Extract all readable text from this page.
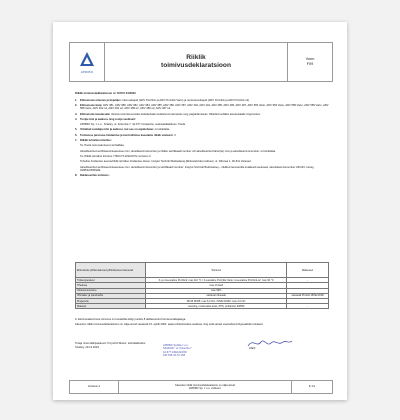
APRIBO
Riiklik
toimivusdeklaratsioon
Vorm
F09

Riiklik toimivusdeklaratsioon nr: KOVU-01/2023

1.	Ehitustoote nimetus ja kirjeldus: tulemuskapid (ARV ProClick ja ARV ProClick Vario) ja remissioonikapid (ARV ProClick ja ARV ProClick o2)
2.	Ehitustoote tüüp: ARV 381, ARV 388, ARV 382, ARV 384, ARV 385, ARV 386, ARV 387, ARV 402, ARV 404, ARV 485, ARV 486, ARV 487, ARV 582 Vario, ARV 584 Vario, ARV 585 Vario, ARV 586 Vario, ARV 588 Vario, ARV 402 o2, ARV 404 o2, ARV 485 o2, ARV 486 o2, ARV 487 o2.
3.	Ehitustoote kasutusala: tööstus-tootmisruumides küttekehade isolatsiooni katmiseks ning paigaldamiseks. Mõeldud sobilike kasutusalade tingimustes.
4.	Tootja nimi ja aadress ning tootja veebisait:
APRIBO Sp. z o.o., Szafary, ul. Kolumba 7, 42-677 Czekanów, veebisaidiaddress: Poola.
5.	Volitatud esindaja nimi ja aadress, kui see on asjakohane: ei kohaldata.
6.	Toimivuse püsivuse hindamise ja kontrollimise kasutatav riiklik süsteem: 3
7.	Riiklik tehniline kinnitus:

Ta. Poola tunnustamisel ei kohaldata.

Akrediteeritud sertifitseerimisasutuse nimi, akrediteerimisnumber ja riikliku sertifikaadi number või akrediteeritud labori(te) nimi ja akrediteerimisnumber: ei kohaldata.

Ta. Riiklik tehniline kinnitus: ITB-KOT-2022/2372 versioon 2.

Teheline hindamise asutus/riiklik tehnilise hindamise üksus: Instytut Techniki Budowlanej (Ehitustehnika instituut), ul. Filtrowa 1, 00-611 Varssavi.

Akrediteeritud sertifitseerimisasutuse nimi, akrediteerimisnumber ja sertifikaadi number: Instytut Techniki Budowlanej – riiklikud teemandite kvaliteedi asutused, akrediteerimisnumber AB 023, tuutsg 0408/22/Z00NZE

8.	Deklareeritav toimivus:
Ehitustoote põhiomadused põhinõuetest tulenevalt	Toimivus	Märkused
Töötemperatuur	3- ja 4-suunaline ProClick: max 110 °C / 3-suunaline ProClick Vario, 4-suunaline ProClick o2: max 90 °C	-
Tiheduse	max 10 bar/l	
Ülekuumenemine	max 99%	
Vihmaker ja puinduvõtu	vastavat nõuetele	vastavalt PN-EN 15092:2008
Pingesuhe	DN15 DN25: max 6,0 Nm / DN32 DN40: max 2,0 Nm	
Materjal	messing, roostevaba teras, PPS, polüamiid, EPDM	-

9. Eelnimetatud toote toimivus on kooskõlas kõigi punktis 8 deklareeritud toimivusnäitajatega.

Käesolev riiklik toimivusdeklaratsioon on välja antud vastavalt 16. aprilli 2004. aasta ehitustoodete seaduse ning selle alusel vastuvõetud õigusaktide kohaselt.

Tootja nimel allkirjastanud: Krzysztof Mazur, tehnikadirektor
Szafary, 29.12.2023	APRIBO Spółka z o.o.
SZAFARY, ul. Kolumba 7
42-677 CZEKANÓW
NIP 645-15-57-158
Allkiri:
Versioon 2
Käesolev riiklik toimivusdeklaratsioon on välja antud
APRIBO Sp. z o.o. volitusel.
lk 1/1
